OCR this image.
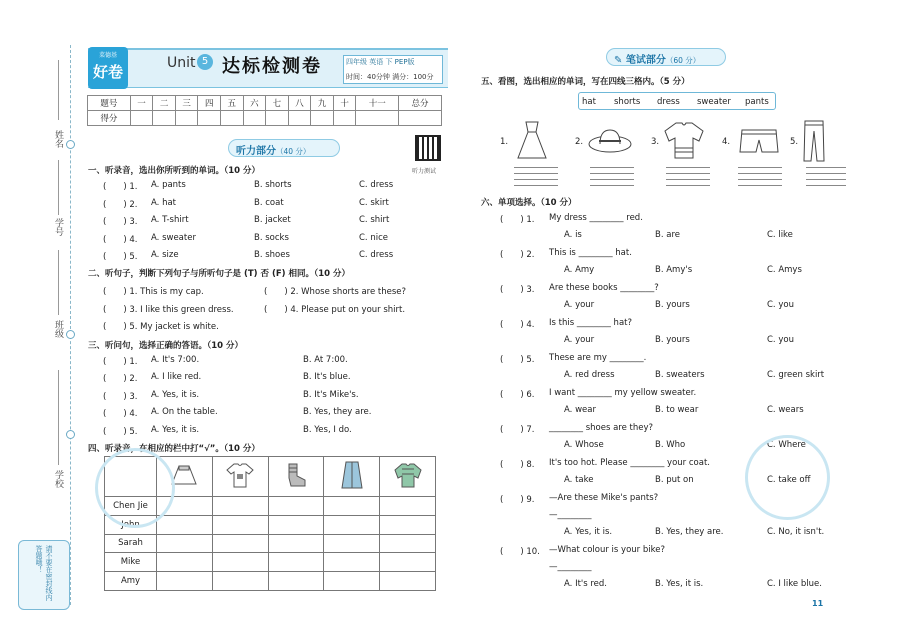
姓名
学号
班级
学校
请不要在密封线内答题哦！
菜德基
好卷	Unit 5 达标检测卷	四年级 英语 下 PEP版
时间：40分钟 满分：100分
题号	一	二	三	四	五	六	七	八	九	十	十一	总分
得分												
听力测试
听力部分（40 分）
一、听录音，选出你所听到的单词。（10 分）
(　　) 1. A. pants	B. shorts	C. dress
(　　) 2. A. hat	B. coat	C. skirt
(　　) 3. A. T-shirt	B. jacket	C. shirt
(　　) 4. A. sweater	B. socks	C. nice
(　　) 5. A. size	B. shoes	C. dress
二、听句子，判断下列句子与所听句子是 (T) 否 (F) 相同。（10 分）
(　　) 1. This is my cap.	(　　) 2. Whose shorts are these?
(　　) 3. I like this green dress.	(　　) 4. Please put on your shirt.
(　　) 5. My jacket is white.
三、听问句，选择正确的答语。（10 分）
(　　) 1. A. It's 7:00.	B. At 7:00.
(　　) 2. A. I like red.	B. It's blue.
(　　) 3. A. Yes, it is.	B. It's Mike's.
(　　) 4. A. On the table.	B. Yes, they are.
(　　) 5. A. Yes, it is.	B. Yes, I do.
四、听录音，在相应的栏中打“√”。（10 分）

Chen Jie					
John					
Sarah					
Mike					
Amy					
✎ 笔试部分（60 分）
五、看图，选出相应的单词，写在四线三格内。（5 分）
hat shorts dress sweater pants
1.	2.	3.	4.	5.
六、单项选择。（10 分）
(　　) 1. My dress ________ red.
A. is	B. are	C. like
(　　) 2. This is ________ hat.
A. Amy	B. Amy's	C. Amys
(　　) 3. Are these books ________?
A. your	B. yours	C. you
(　　) 4. Is this ________ hat?
A. your	B. yours	C. you
(　　) 5. These are my ________.
A. red dress	B. sweaters	C. green skirt
(　　) 6. I want ________ my yellow sweater.
A. wear	B. to wear	C. wears
(　　) 7. ________ shoes are they?
A. Whose	B. Who	C. Where
(　　) 8. It's too hot. Please ________ your coat.
A. take	B. put on	C. take off
(　　) 9. —Are these Mike's pants?
—________
A. Yes, it is.	B. Yes, they are.	C. No, it isn't.
(　　) 10. —What colour is your bike?
—________
A. It's red.	B. Yes, it is.	C. I like blue.
11
